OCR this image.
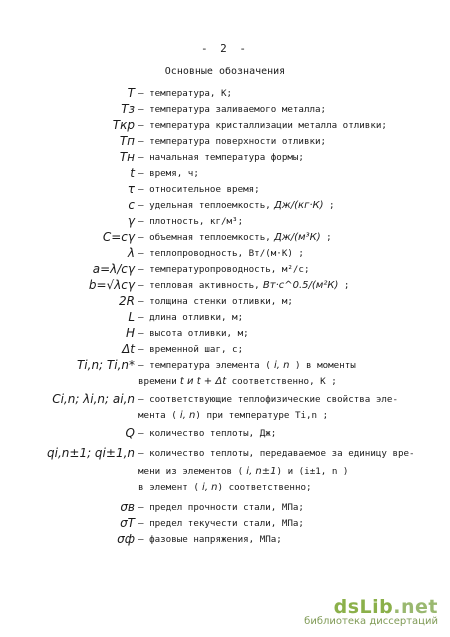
- 2 -
Основные обозначения
T – температура, К;
Tз – температура заливаемого металла;
Tкр – температура кристаллизации металла отливки;
Tп – температура поверхности отливки;
Tн – начальная температура формы;
t – время, ч;
τ – относительное время;
c – удельная теплоемкость, Дж/(кг·К) ;
γ – плотность, кг/м³;
C=cγ – объемная теплоемкость, Дж/(м³К) ;
λ – теплопроводность, Вт/(м·К) ;
a=λ/cγ – температуропроводность, м²/с;
b=√λcγ – тепловая активность, Вт·с^0.5/(м²К) ;
2R – толщина стенки отливки, м;
L – длина отливки, м;
H – высота отливки, м;
Δt – временной шаг, с;
Ti,n; Ti,n* – температура элемента ( i, n ) в моменты
времени t и t + Δt соответственно, К ;
Ci,n; λi,n; ai,n – соответствующие теплофизические свойства эле-
мента ( i, n) при температуре Ti,n ;
Q – количество теплоты, Дж;
qi,n±1; qi±1,n – количество теплоты, передаваемое за единицу вре-
мени из элементов ( i, n±1) и (i±1, n )
в элемент ( i, n) соответственно;
σв – предел прочности стали, МПа;
σT – предел текучести стали, МПа;
σф – фазовые напряжения, МПа;
dsLib.net
библиотека диссертаций
